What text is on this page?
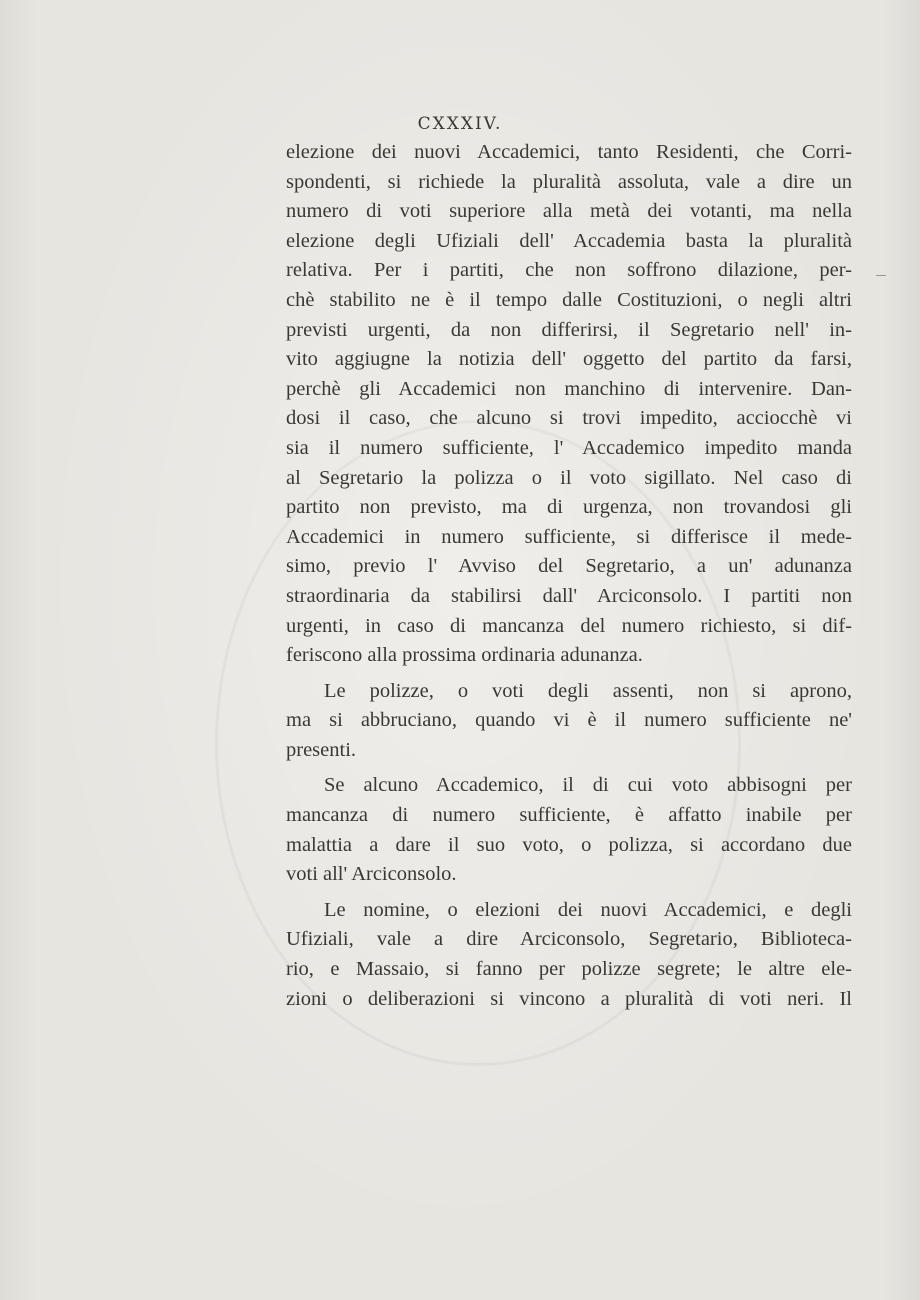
CXXXIV.
elezione dei nuovi Accademici, tanto Residenti, che Corri-
spondenti, si richiede la pluralità assoluta, vale a dire un
numero di voti superiore alla metà dei votanti, ma nella
elezione degli Ufiziali dell' Accademia basta la pluralità
relativa. Per i partiti, che non soffrono dilazione, per-
chè stabilito ne è il tempo dalle Costituzioni, o negli altri
previsti urgenti, da non differirsi, il Segretario nell' in-
vito aggiugne la notizia dell' oggetto del partito da farsi,
perchè gli Accademici non manchino di intervenire. Dan-
dosi il caso, che alcuno si trovi impedito, acciocchè vi
sia il numero sufficiente, l' Accademico impedito manda
al Segretario la polizza o il voto sigillato. Nel caso di
partito non previsto, ma di urgenza, non trovandosi gli
Accademici in numero sufficiente, si differisce il mede-
simo, previo l' Avviso del Segretario, a un' adunanza
straordinaria da stabilirsi dall' Arciconsolo. I partiti non
urgenti, in caso di mancanza del numero richiesto, si dif-
feriscono alla prossima ordinaria adunanza.
Le polizze, o voti degli assenti, non si aprono,
ma si abbruciano, quando vi è il numero sufficiente ne'
presenti.
Se alcuno Accademico, il di cui voto abbisogni per
mancanza di numero sufficiente, è affatto inabile per
malattia a dare il suo voto, o polizza, si accordano due
voti all' Arciconsolo.
Le nomine, o elezioni dei nuovi Accademici, e degli
Ufiziali, vale a dire Arciconsolo, Segretario, Biblioteca-
rio, e Massaio, si fanno per polizze segrete; le altre ele-
zioni o deliberazioni si vincono a pluralità di voti neri. Il
